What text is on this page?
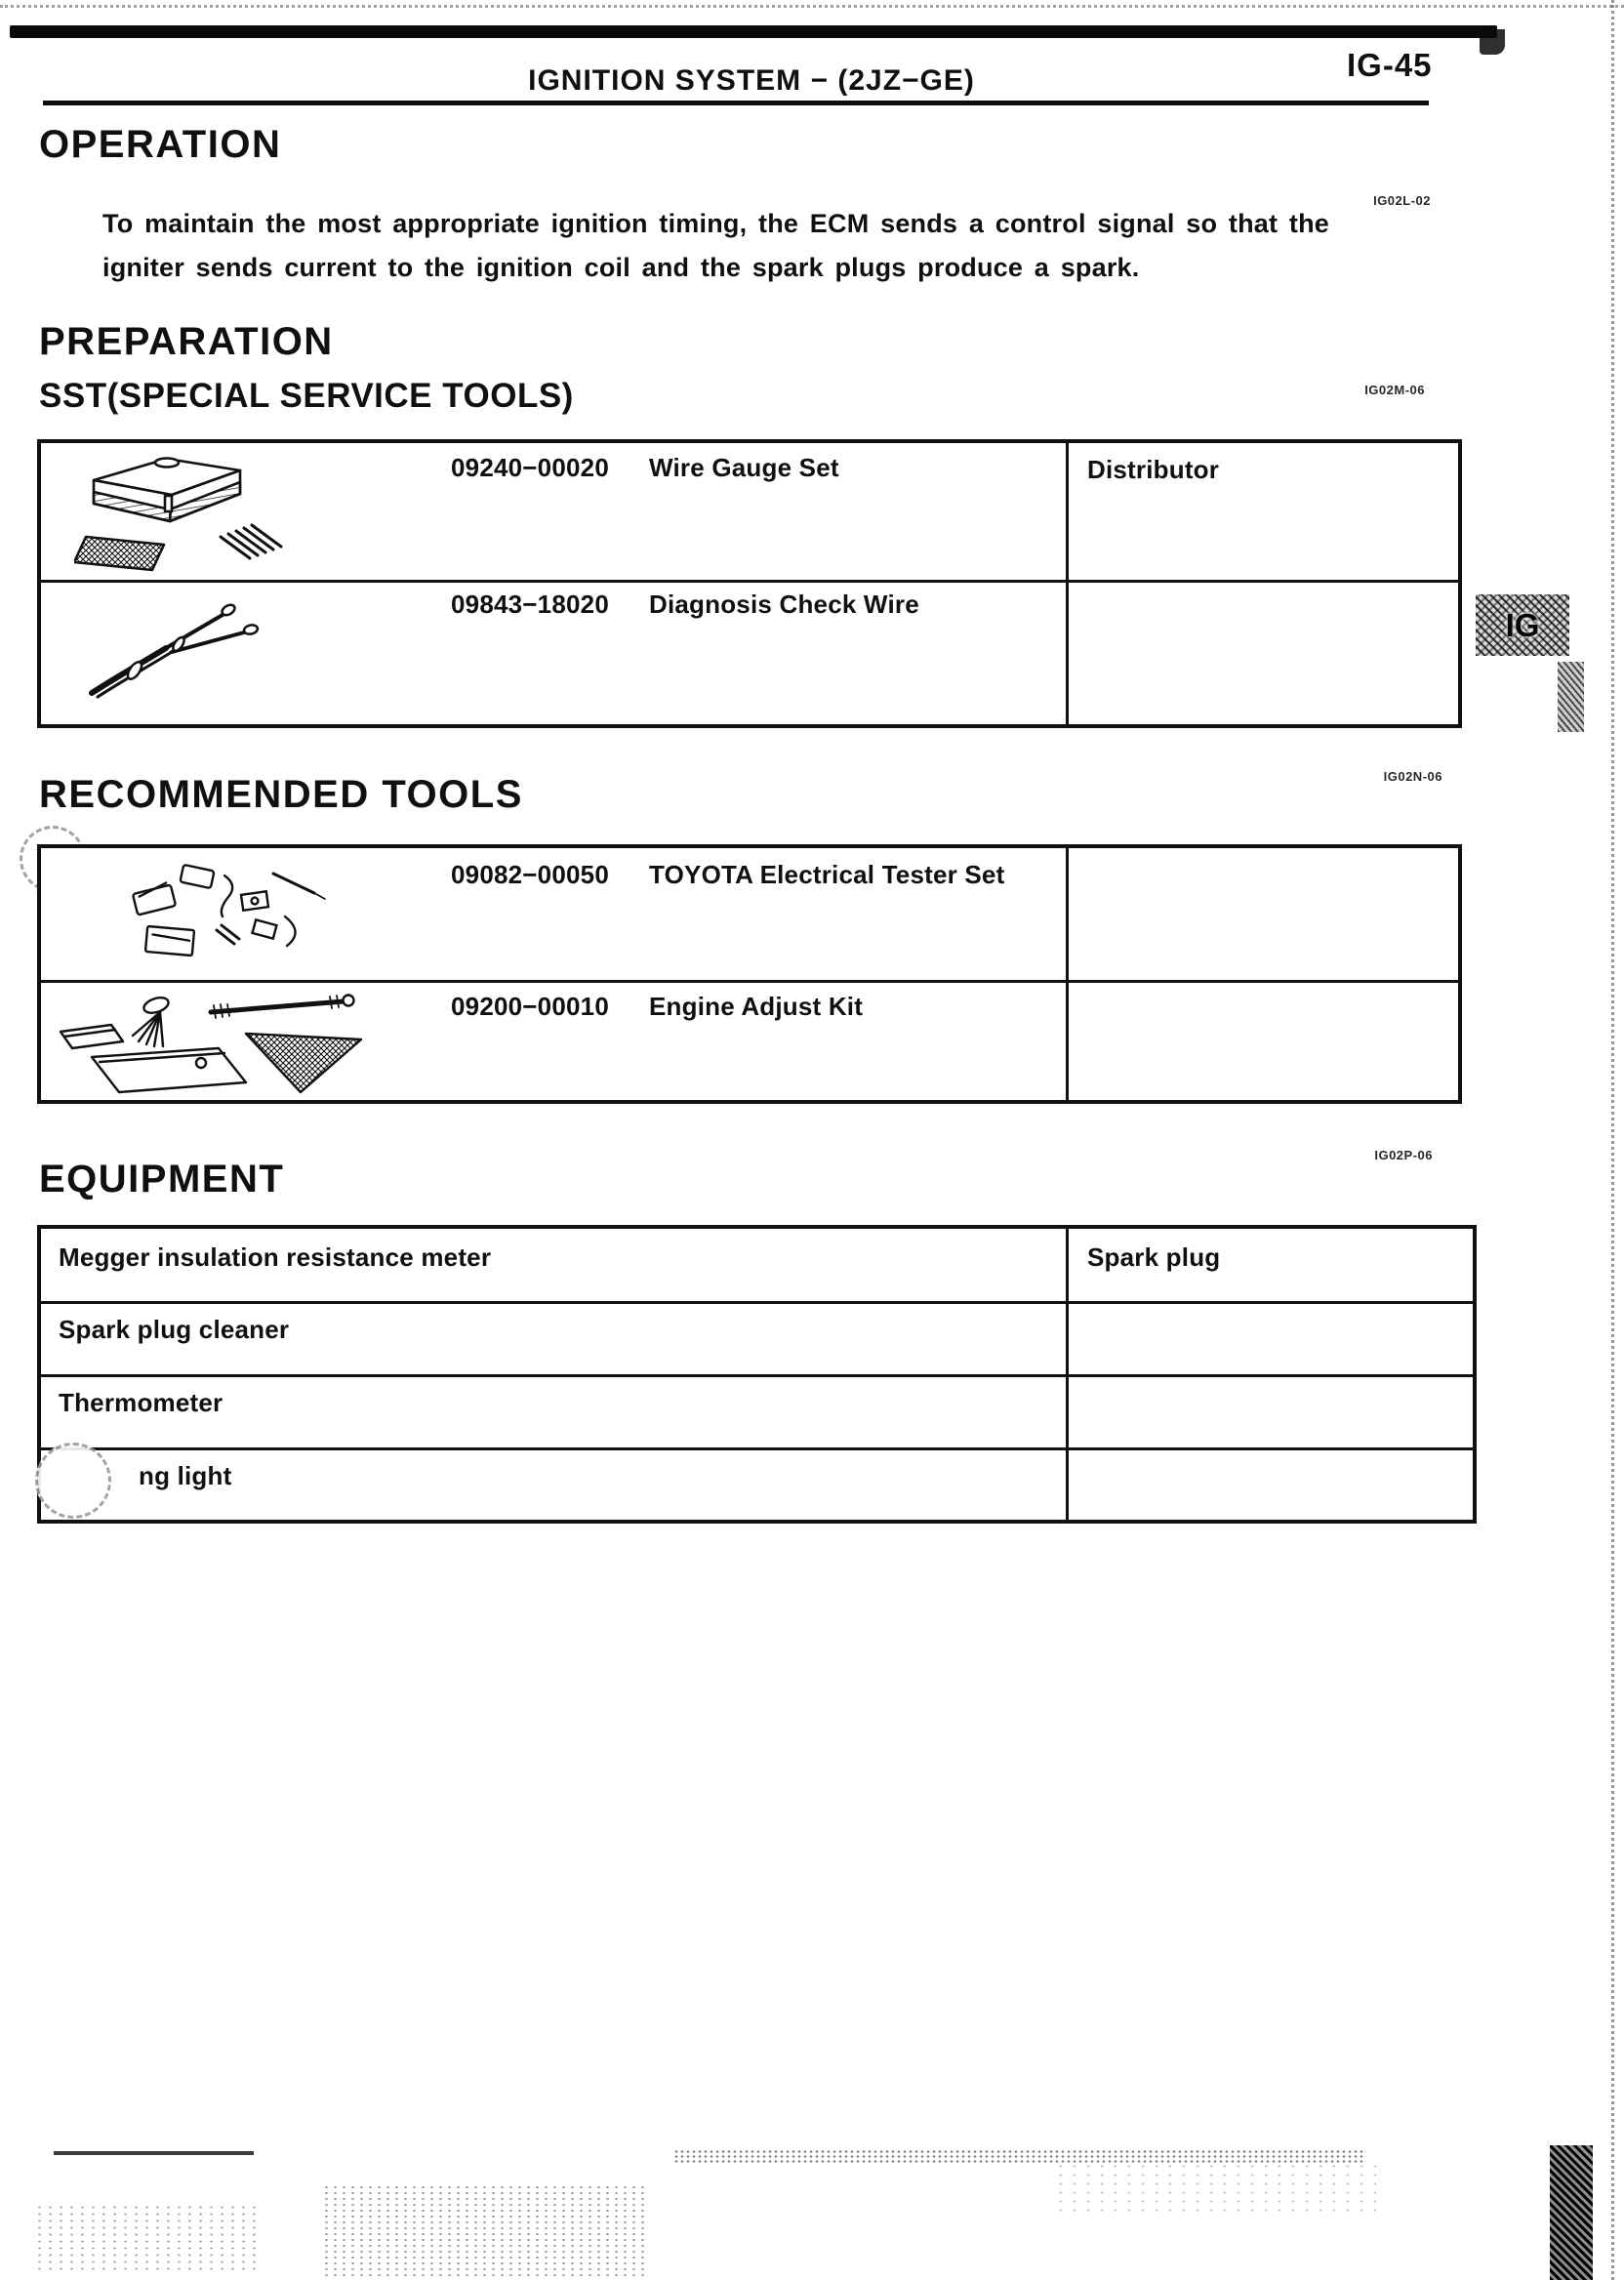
IGNITION SYSTEM − (2JZ−GE)	IG-45
OPERATION
IG02L-02
To maintain the most appropriate ignition timing, the ECM sends a control signal so that the
igniter sends current to the ignition coil and the spark plugs produce a spark.
PREPARATION
SST(SPECIAL SERVICE TOOLS)	IG02M-06
09240−00020 Wire Gauge Set	Distributor
09843−18020 Diagnosis Check Wire
IG
RECOMMENDED TOOLS	IG02N-06
09082−00050 TOYOTA Electrical Tester Set
09200−00010 Engine Adjust Kit
EQUIPMENT
IG02P-06
Megger insulation resistance meter	Spark plug
Spark plug cleaner
Thermometer
ng light
